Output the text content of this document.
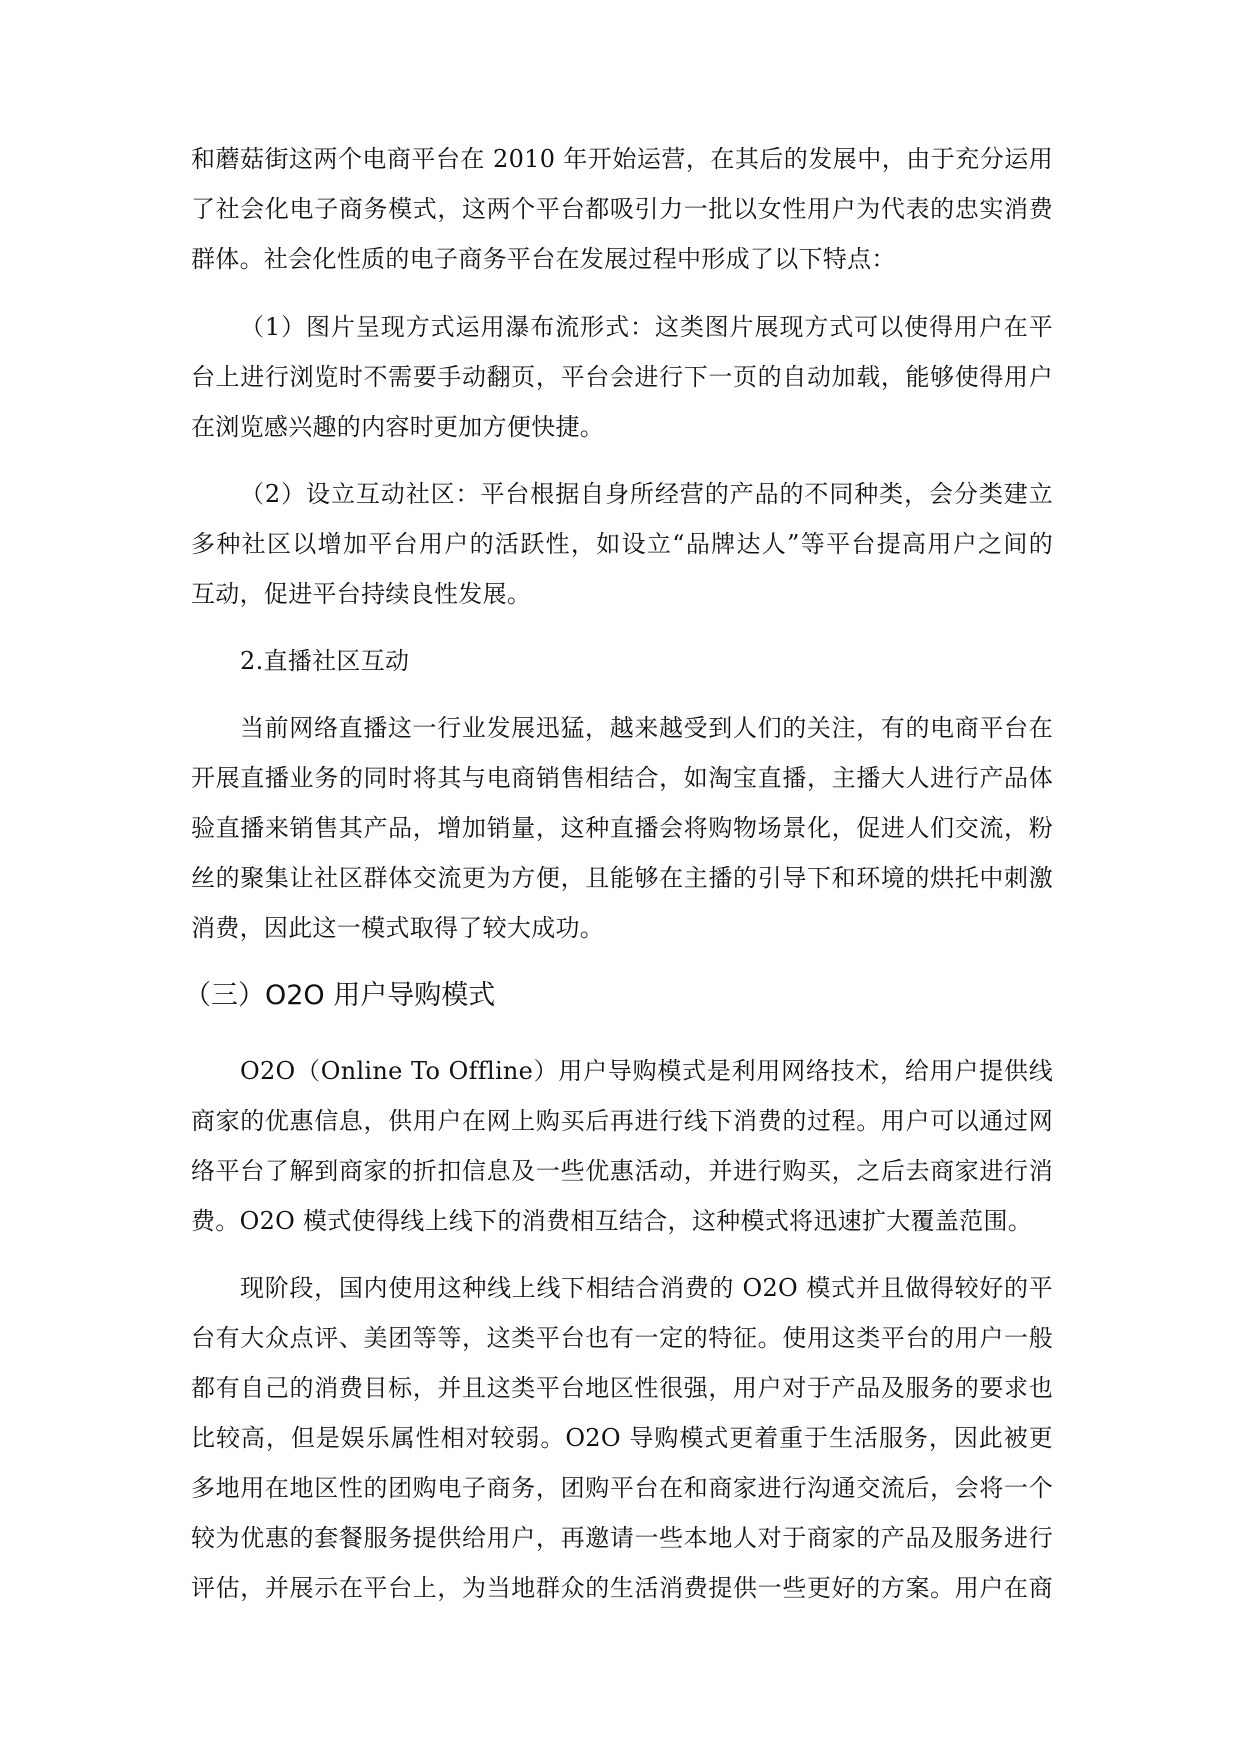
和蘑菇街这两个电商平台在 2010 年开始运营，在其后的发展中，由于充分运用
了社会化电子商务模式，这两个平台都吸引力一批以女性用户为代表的忠实消费
群体。社会化性质的电子商务平台在发展过程中形成了以下特点：
（1）图片呈现方式运用瀑布流形式：这类图片展现方式可以使得用户在平
台上进行浏览时不需要手动翻页，平台会进行下一页的自动加载，能够使得用户
在浏览感兴趣的内容时更加方便快捷。
（2）设立互动社区：平台根据自身所经营的产品的不同种类，会分类建立
多种社区以增加平台用户的活跃性，如设立“品牌达人”等平台提高用户之间的
互动，促进平台持续良性发展。
2.直播社区互动
当前网络直播这一行业发展迅猛，越来越受到人们的关注，有的电商平台在
开展直播业务的同时将其与电商销售相结合，如淘宝直播，主播大人进行产品体
验直播来销售其产品，增加销量，这种直播会将购物场景化，促进人们交流，粉
丝的聚集让社区群体交流更为方便，且能够在主播的引导下和环境的烘托中刺激
消费，因此这一模式取得了较大成功。
（三）O2O 用户导购模式
O2O（Online To Offline）用户导购模式是利用网络技术，给用户提供线
商家的优惠信息，供用户在网上购买后再进行线下消费的过程。用户可以通过网
络平台了解到商家的折扣信息及一些优惠活动，并进行购买，之后去商家进行消
费。O2O 模式使得线上线下的消费相互结合，这种模式将迅速扩大覆盖范围。
现阶段，国内使用这种线上线下相结合消费的 O2O 模式并且做得较好的平
台有大众点评、美团等等，这类平台也有一定的特征。使用这类平台的用户一般
都有自己的消费目标，并且这类平台地区性很强，用户对于产品及服务的要求也
比较高，但是娱乐属性相对较弱。O2O 导购模式更着重于生活服务，因此被更
多地用在地区性的团购电子商务，团购平台在和商家进行沟通交流后，会将一个
较为优惠的套餐服务提供给用户，再邀请一些本地人对于商家的产品及服务进行
评估，并展示在平台上，为当地群众的生活消费提供一些更好的方案。用户在商
